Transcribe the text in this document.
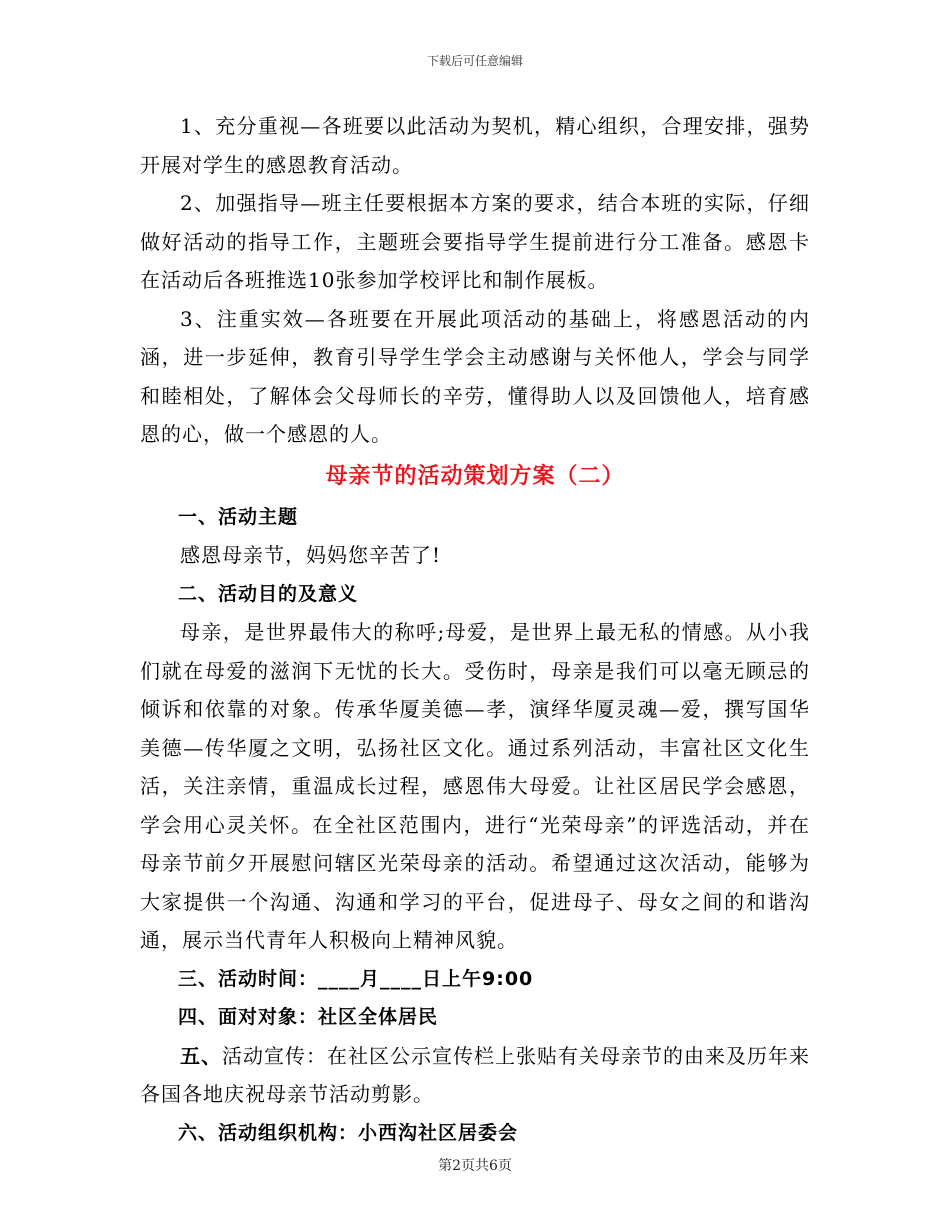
下载后可任意编辑

1、充分重视—各班要以此活动为契机，精心组织，合理安排，强势开展对学生的感恩教育活动。

2、加强指导—班主任要根据本方案的要求，结合本班的实际，仔细做好活动的指导工作，主题班会要指导学生提前进行分工准备。感恩卡在活动后各班推选10张参加学校评比和制作展板。

3、注重实效—各班要在开展此项活动的基础上，将感恩活动的内涵，进一步延伸，教育引导学生学会主动感谢与关怀他人，学会与同学和睦相处，了解体会父母师长的辛劳，懂得助人以及回馈他人，培育感恩的心，做一个感恩的人。

母亲节的活动策划方案（二）

一、活动主题

感恩母亲节，妈妈您辛苦了!

二、活动目的及意义

母亲，是世界最伟大的称呼;母爱，是世界上最无私的情感。从小我们就在母爱的滋润下无忧的长大。受伤时，母亲是我们可以毫无顾忌的倾诉和依靠的对象。传承华厦美德—孝，演绎华厦灵魂—爱，撰写国华美德—传华厦之文明，弘扬社区文化。通过系列活动，丰富社区文化生活，关注亲情，重温成长过程，感恩伟大母爱。让社区居民学会感恩，学会用心灵关怀。在全社区范围内，进行“光荣母亲”的评选活动，并在母亲节前夕开展慰问辖区光荣母亲的活动。希望通过这次活动，能够为大家提供一个沟通、沟通和学习的平台，促进母子、母女之间的和谐沟通，展示当代青年人积极向上精神风貌。

三、活动时间：____月____日上午9:00

四、面对对象：社区全体居民

五、活动宣传：在社区公示宣传栏上张贴有关母亲节的由来及历年来各国各地庆祝母亲节活动剪影。

六、活动组织机构：小西沟社区居委会

第2页共6页
